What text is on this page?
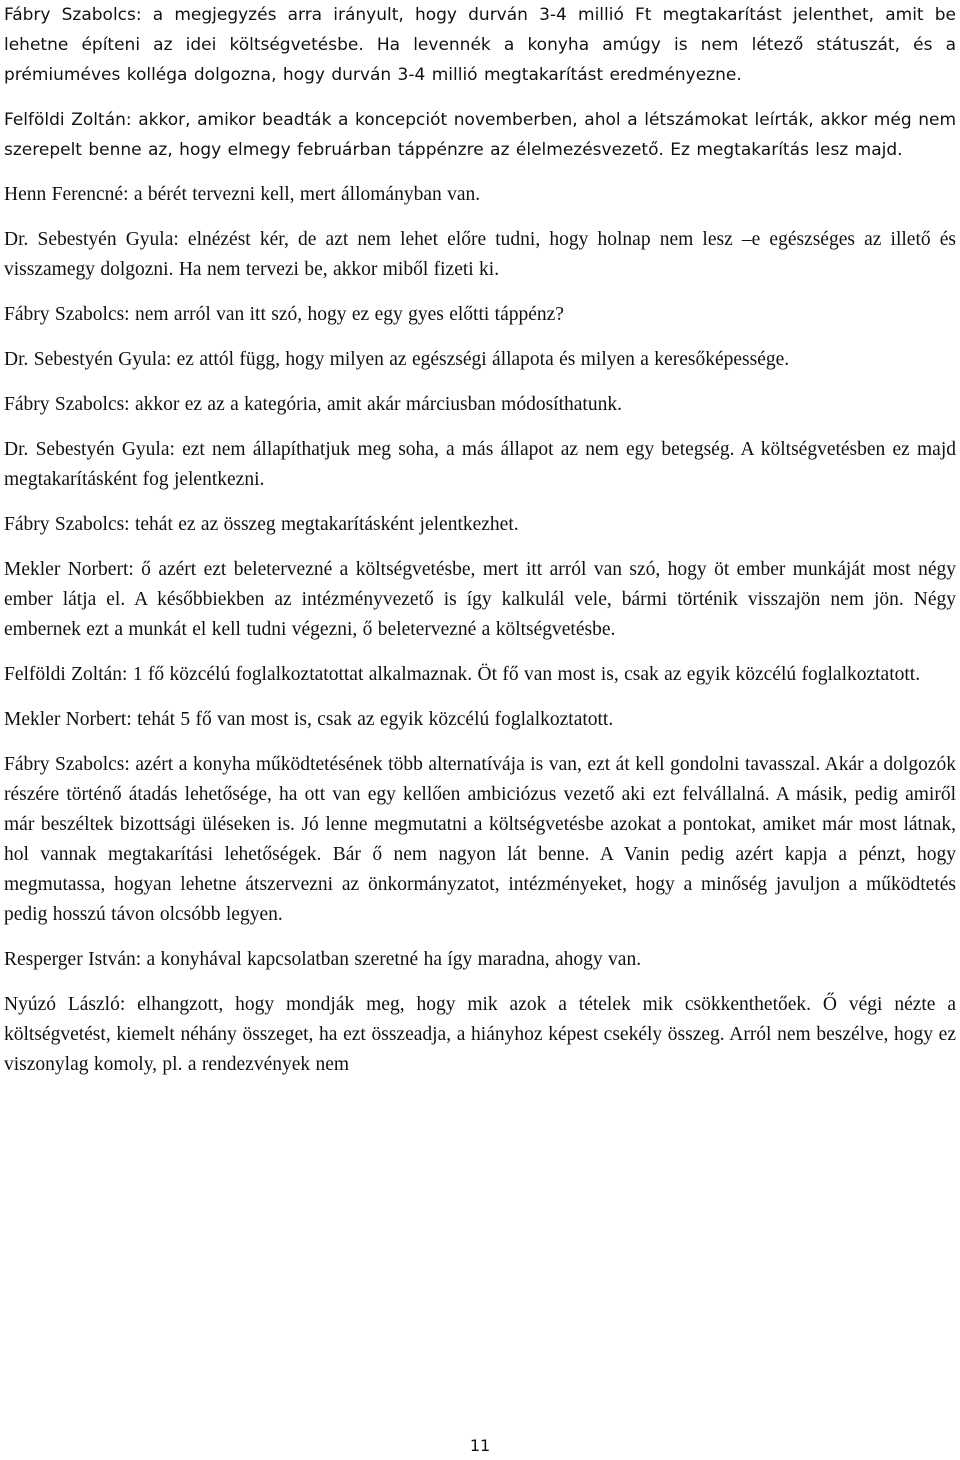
Fábry Szabolcs: a megjegyzés arra irányult, hogy durván 3-4 millió Ft megtakarítást jelenthet, amit be lehetne építeni az idei költségvetésbe. Ha levennék a konyha amúgy is nem létező státuszát, és a prémiuméves kolléga dolgozna, hogy durván 3-4 millió megtakarítást eredményezne.

Felföldi Zoltán: akkor, amikor beadták a koncepciót novemberben, ahol a létszámokat leírták, akkor még nem szerepelt benne az, hogy elmegy februárban táppénzre az élelmezésvezető. Ez megtakarítás lesz majd.

Henn Ferencné: a bérét tervezni kell, mert állományban van.

Dr. Sebestyén Gyula: elnézést kér, de azt nem lehet előre tudni, hogy holnap nem lesz –e egészséges az illető és visszamegy dolgozni. Ha nem tervezi be, akkor miből fizeti ki.

Fábry Szabolcs: nem arról van itt szó, hogy ez egy gyes előtti táppénz?

Dr. Sebestyén Gyula: ez attól függ, hogy milyen az egészségi állapota és milyen a keresőképessége.

Fábry Szabolcs: akkor ez az a kategória, amit akár márciusban módosíthatunk.

Dr. Sebestyén Gyula: ezt nem állapíthatjuk meg soha, a más állapot az nem egy betegség. A költségvetésben ez majd megtakarításként fog jelentkezni.

Fábry Szabolcs: tehát ez az összeg megtakarításként jelentkezhet.

Mekler Norbert: ő azért ezt beletervezné a költségvetésbe, mert itt arról van szó, hogy öt ember munkáját most négy ember látja el. A későbbiekben az intézményvezető is így kalkulál vele, bármi történik visszajön nem jön. Négy embernek ezt a munkát el kell tudni végezni, ő beletervezné a költségvetésbe.

Felföldi Zoltán: 1 fő közcélú foglalkoztatottat alkalmaznak. Öt fő van most is, csak az egyik közcélú foglalkoztatott.

Mekler Norbert: tehát 5 fő van most is, csak az egyik közcélú foglalkoztatott.

Fábry Szabolcs: azért a konyha működtetésének több alternatívája is van, ezt át kell gondolni tavasszal. Akár a dolgozók részére történő átadás lehetősége, ha ott van egy kellően ambiciózus vezető aki ezt felvállalná. A másik, pedig amiről már beszéltek bizottsági üléseken is. Jó lenne megmutatni a költségvetésbe azokat a pontokat, amiket már most látnak, hol vannak megtakarítási lehetőségek. Bár ő nem nagyon lát benne. A Vanin pedig azért kapja a pénzt, hogy megmutassa, hogyan lehetne átszervezni az önkormányzatot, intézményeket, hogy a minőség javuljon a működtetés pedig hosszú távon olcsóbb legyen.

Resperger István: a konyhával kapcsolatban szeretné ha így maradna, ahogy van.

Nyúzó László: elhangzott, hogy mondják meg, hogy mik azok a tételek mik csökkenthetőek. Ő végi nézte a költségvetést, kiemelt néhány összeget, ha ezt összeadja, a hiányhoz képest csekély összeg. Arról nem beszélve, hogy ez viszonylag komoly, pl. a rendezvények nem

11
